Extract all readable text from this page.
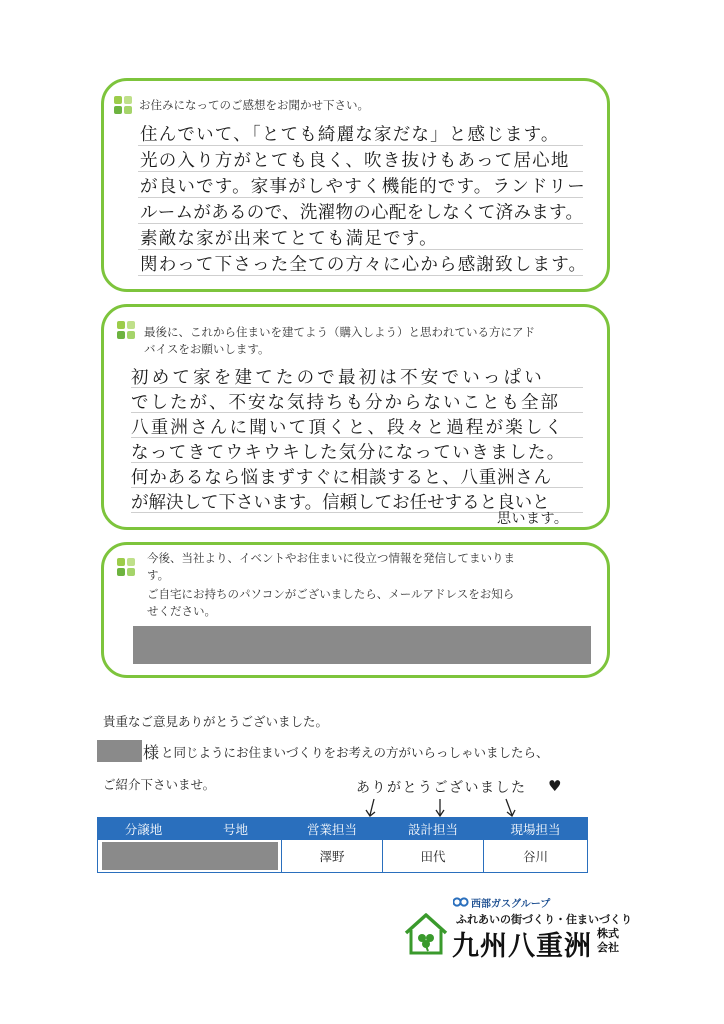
お住みになってのご感想をお聞かせ下さい。
住んでいて、「とても綺麗な家だな」と感じます。
光の入り方がとても良く、吹き抜けもあって居心地
が良いです。家事がしやすく機能的です。ランドリー
ルームがあるので、洗濯物の心配をしなくて済みます。
素敵な家が出来てとても満足です。
関わって下さった全ての方々に心から感謝致します。
最後に、これから住まいを建てよう（購入しよう）と思われている方にアド
バイスをお願いします。
初めて家を建てたので最初は不安でいっぱい
でしたが、不安な気持ちも分からないことも全部
八重洲さんに聞いて頂くと、段々と過程が楽しく
なってきてウキウキした気分になっていきました。
何かあるなら悩まずすぐに相談すると、八重洲さん
が解決して下さいます。信頼してお任せすると良いと
思います。
今後、当社より、イベントやお住まいに役立つ情報を発信してまいりま
す。
ご自宅にお持ちのパソコンがございましたら、メールアドレスをお知ら
せください。
貴重なご意見ありがとうございました。
様 と同じようにお住まいづくりをお考えの方がいらっしゃいましたら、
ご紹介下さいませ。	ありがとうございました ♥
分譲地	号地	営業担当	設計担当	現場担当

		澤野	田代	谷川
西部ガスグループ
ふれあいの街づくり・住まいづくり
九州八重洲 株式
会社
